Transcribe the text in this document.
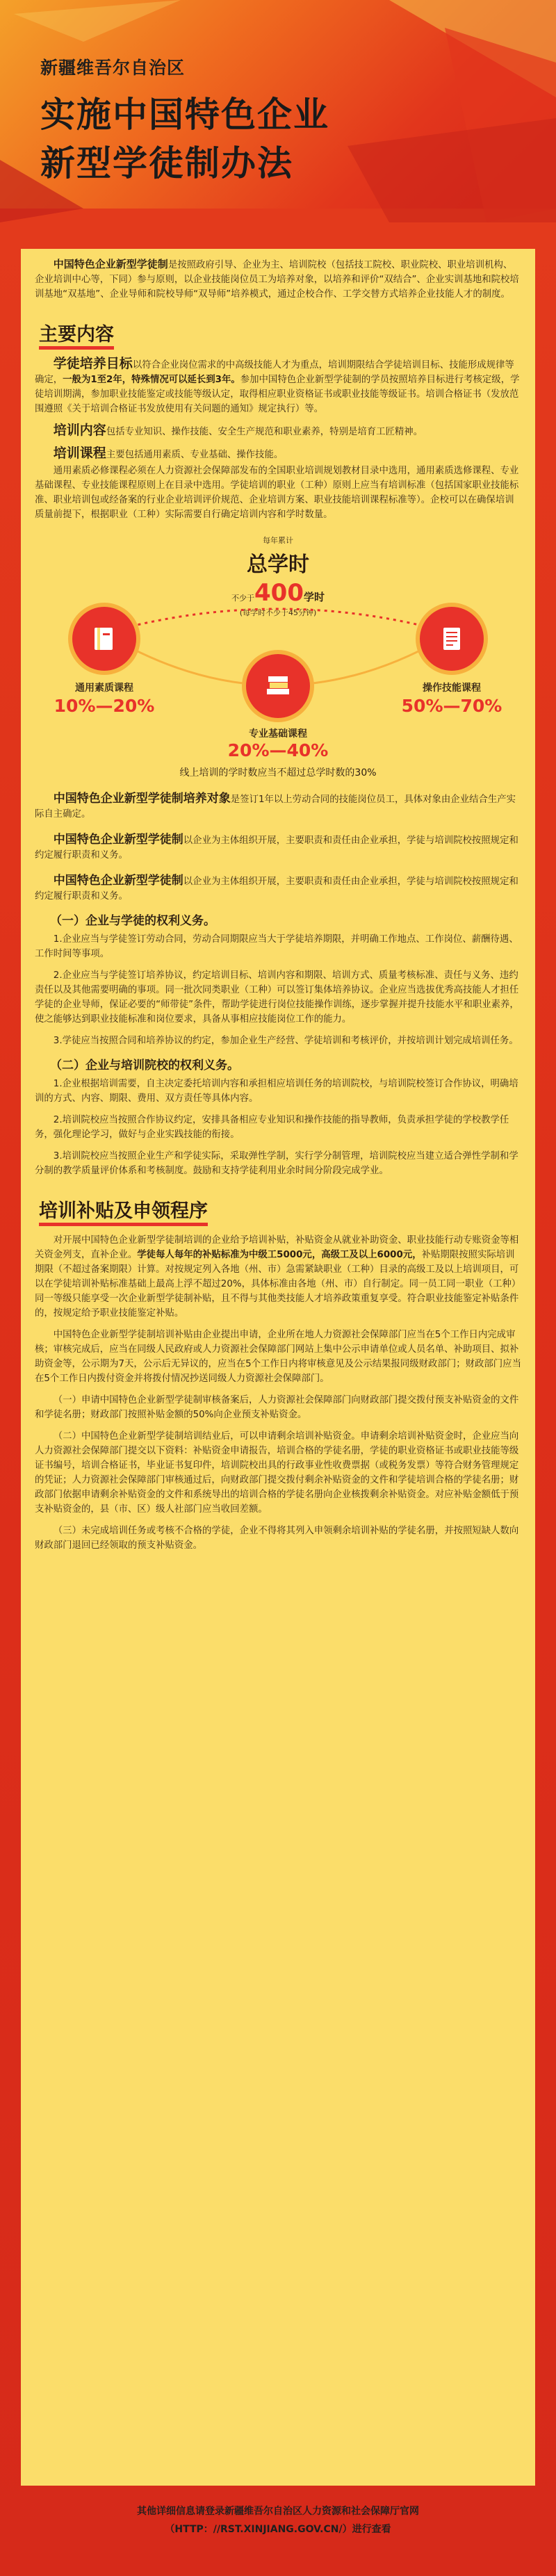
新疆维吾尔自治区
实施中国特色企业
新型学徒制办法

中国特色企业新型学徒制是按照政府引导、企业为主、培训院校（包括技工院校、职业院校、职业培训机构、企业培训中心等，下同）参与原则，以企业技能岗位员工为培养对象，以培养和评价“双结合”、企业实训基地和院校培训基地“双基地”、企业导师和院校导师“双导师”培养模式，通过企校合作、工学交替方式培养企业技能人才的制度。

主要内容

学徒培养目标以符合企业岗位需求的中高级技能人才为重点，培训期限结合学徒培训目标、技能形成规律等确定，一般为1至2年，特殊情况可以延长到3年。参加中国特色企业新型学徒制的学员按照培养目标进行考核定级，学徒培训期满，参加职业技能鉴定或技能等级认定，取得相应职业资格证书或职业技能等级证书。培训合格证书（发放范围遵照《关于培训合格证书发放使用有关问题的通知》规定执行）等。

培训内容包括专业知识、操作技能、安全生产规范和职业素养，特别是培育工匠精神。

培训课程主要包括通用素质、专业基础、操作技能。

通用素质必修课程必须在人力资源社会保障部发布的全国职业培训规划教材目录中选用，通用素质选修课程、专业基础课程、专业技能课程原则上在目录中选用。学徒培训的职业（工种）原则上应当有培训标准（包括国家职业技能标准、职业培训包或经备案的行业企业培训评价规范、企业培训方案、职业技能培训课程标准等）。企校可以在确保培训质量前提下，根据职业（工种）实际需要自行确定培训内容和学时数量。

每年累计
总学时
不少于400学时
(每学时不少于45分钟)
通用素质课程
10%—20%
专业基础课程
20%—40%
操作技能课程
50%—70%
线上培训的学时数应当不超过总学时数的30%

中国特色企业新型学徒制培养对象是签订1年以上劳动合同的技能岗位员工，具体对象由企业结合生产实际自主确定。

中国特色企业新型学徒制以企业为主体组织开展，主要职责和责任由企业承担，学徒与培训院校按照规定和约定履行职责和义务。

中国特色企业新型学徒制以企业为主体组织开展，主要职责和责任由企业承担，学徒与培训院校按照规定和约定履行职责和义务。

（一）企业与学徒的权利义务。

1.企业应当与学徒签订劳动合同，劳动合同期限应当大于学徒培养期限，并明确工作地点、工作岗位、薪酬待遇、工作时间等事项。

2.企业应当与学徒签订培养协议，约定培训目标、培训内容和期限、培训方式、质量考核标准、责任与义务、违约责任以及其他需要明确的事项。同一批次同类职业（工种）可以签订集体培养协议。企业应当选拔优秀高技能人才担任学徒的企业导师，保证必要的“师带徒”条件，帮助学徒进行岗位技能操作训练，逐步掌握并提升技能水平和职业素养，使之能够达到职业技能标准和岗位要求，具备从事相应技能岗位工作的能力。

3.学徒应当按照合同和培养协议的约定，参加企业生产经营、学徒培训和考核评价，并按培训计划完成培训任务。

（二）企业与培训院校的权利义务。

1.企业根据培训需要，自主决定委托培训内容和承担相应培训任务的培训院校，与培训院校签订合作协议，明确培训的方式、内容、期限、费用、双方责任等具体内容。

2.培训院校应当按照合作协议约定，安排具备相应专业知识和操作技能的指导教师，负责承担学徒的学校教学任务，强化理论学习，做好与企业实践技能的衔接。

3.培训院校应当按照企业生产和学徒实际，采取弹性学制，实行学分制管理，培训院校应当建立适合弹性学制和学分制的教学质量评价体系和考核制度。鼓励和支持学徒利用业余时间分阶段完成学业。

培训补贴及申领程序

对开展中国特色企业新型学徒制培训的企业给予培训补贴，补贴资金从就业补助资金、职业技能行动专账资金等相关资金列支，直补企业。学徒每人每年的补贴标准为中级工5000元，高级工及以上6000元，补贴期限按照实际培训期限（不超过备案期限）计算。对按规定列入各地（州、市）急需紧缺职业（工种）目录的高级工及以上培训项目，可以在学徒培训补贴标准基础上最高上浮不超过20%，具体标准由各地（州、市）自行制定。同一员工同一职业（工种）同一等级只能享受一次企业新型学徒制补贴，且不得与其他类技能人才培养政策重复享受。符合职业技能鉴定补贴条件的，按规定给予职业技能鉴定补贴。

中国特色企业新型学徒制培训补贴由企业提出申请，企业所在地人力资源社会保障部门应当在5个工作日内完成审核；审核完成后，应当在同级人民政府或人力资源社会保障部门网站上集中公示申请单位或人员名单、补助项目、拟补助资金等，公示期为7天，公示后无异议的，应当在5个工作日内将审核意见及公示结果报同级财政部门；财政部门应当在5个工作日内拨付资金并将拨付情况抄送同级人力资源社会保障部门。

（一）申请中国特色企业新型学徒制审核备案后，人力资源社会保障部门向财政部门提交拨付预支补贴资金的文件和学徒名册；财政部门按照补贴金额的50%向企业预支补贴资金。

（二）中国特色企业新型学徒制培训结业后，可以申请剩余培训补贴资金。申请剩余培训补贴资金时，企业应当向人力资源社会保障部门提交以下资料：补贴资金申请报告，培训合格的学徒名册，学徒的职业资格证书或职业技能等级证书编号，培训合格证书，毕业证书复印件，培训院校出具的行政事业性收费票据（或税务发票）等符合财务管理规定的凭证；人力资源社会保障部门审核通过后，向财政部门提交拨付剩余补贴资金的文件和学徒培训合格的学徒名册；财政部门依据申请剩余补贴资金的文件和系统导出的培训合格的学徒名册向企业核拨剩余补贴资金。对应补贴金额低于预支补贴资金的，县（市、区）级人社部门应当收回差额。

（三）未完成培训任务或考核不合格的学徒，企业不得将其列入申领剩余培训补贴的学徒名册，并按照短缺人数向财政部门退回已经领取的预支补贴资金。

其他详细信息请登录新疆维吾尔自治区人力资源和社会保障厅官网
（HTTP：//RST.XINJIANG.GOV.CN/）进行查看
